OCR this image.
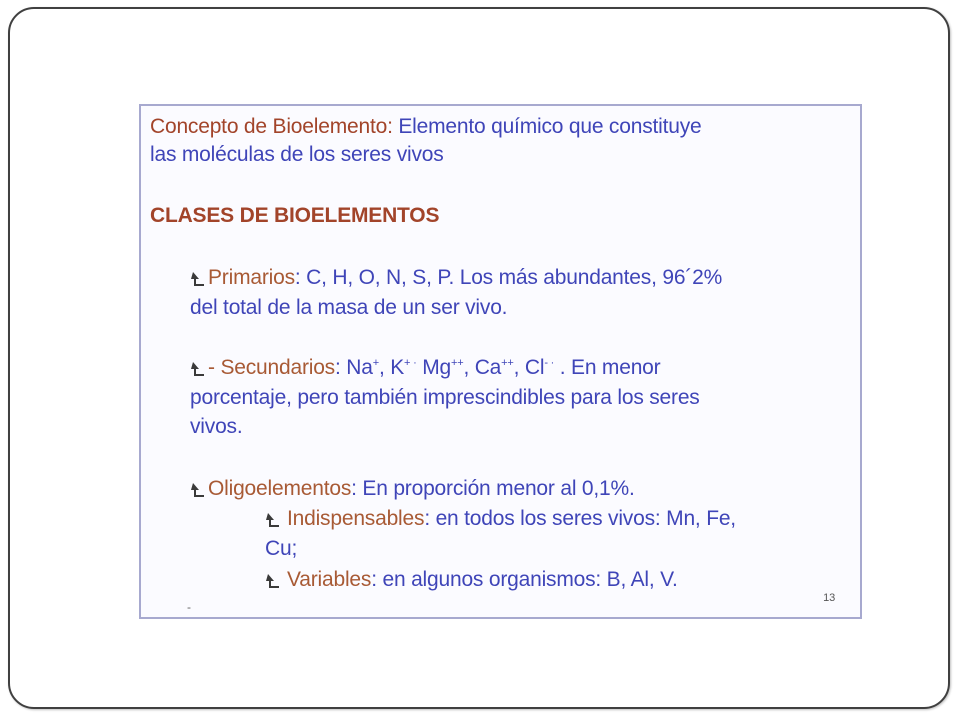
Concepto de Bioelemento: Elemento químico que constituye
las moléculas de los seres vivos
CLASES DE BIOELEMENTOS
Primarios: C, H, O, N, S, P. Los más abundantes, 96´2%
del total de la masa de un ser vivo.
- Secundarios: Na+, K+ · Mg++, Ca++, Cl- · . En menor
porcentaje, pero también imprescindibles para los seres
vivos.
Oligoelementos: En proporción menor al 0,1%.
Indispensables: en todos los seres vivos: Mn, Fe,
Cu;
Variables: en algunos organismos: B, Al, V.
13
-
